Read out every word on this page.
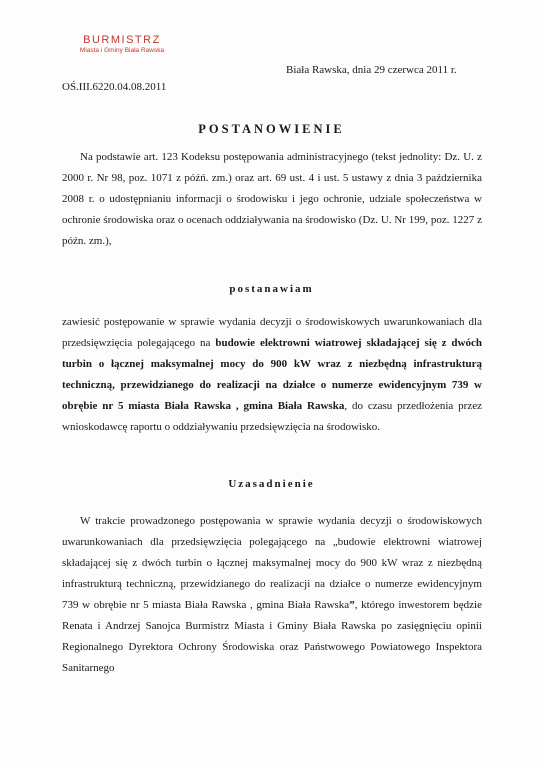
BURMISTRZ
Miasta i Gminy Biała Rawska
Biała Rawska, dnia 29 czerwca 2011 r.
OŚ.III.6220.04.08.2011
POSTANOWIENIE
Na podstawie art. 123 Kodeksu postępowania administracyjnego (tekst jednolity: Dz. U. z 2000 r. Nr 98, poz. 1071 z późń. zm.) oraz art. 69 ust. 4 i ust. 5 ustawy z dnia 3 października 2008 r. o udostępnianiu informacji o środowisku i jego ochronie, udziale społeczeństwa w ochronie środowiska oraz o ocenach oddziaływania na środowisko (Dz. U. Nr 199, poz. 1227 z późn. zm.),
postanawiam
zawiesić postępowanie w sprawie wydania decyzji o środowiskowych uwarunkowaniach dla przedsięwzięcia polegającego na budowie elektrowni wiatrowej składającej się z dwóch turbin o łącznej maksymalnej mocy do 900 kW wraz z niezbędną infrastrukturą techniczną, przewidzianego do realizacji na działce o numerze ewidencyjnym 739 w obrębie nr 5 miasta Biała Rawska , gmina Biała Rawska, do czasu przedłożenia przez wnioskodawcę raportu o oddziaływaniu przedsięwzięcia na środowisko.
Uzasadnienie
W trakcie prowadzonego postępowania w sprawie wydania decyzji o środowiskowych uwarunkowaniach dla przedsięwzięcia polegającego na „budowie elektrowni wiatrowej składającej się z dwóch turbin o łącznej maksymalnej mocy do 900 kW wraz z niezbędną infrastrukturą techniczną, przewidzianego do realizacji na działce o numerze ewidencyjnym 739 w obrębie nr 5 miasta Biała Rawska , gmina Biała Rawska”, którego inwestorem będzie Renata i Andrzej Sanojca Burmistrz Miasta i Gminy Biała Rawska po zasięgnięciu opinii Regionalnego Dyrektora Ochrony Środowiska oraz Państwowego Powiatowego Inspektora Sanitarnego
